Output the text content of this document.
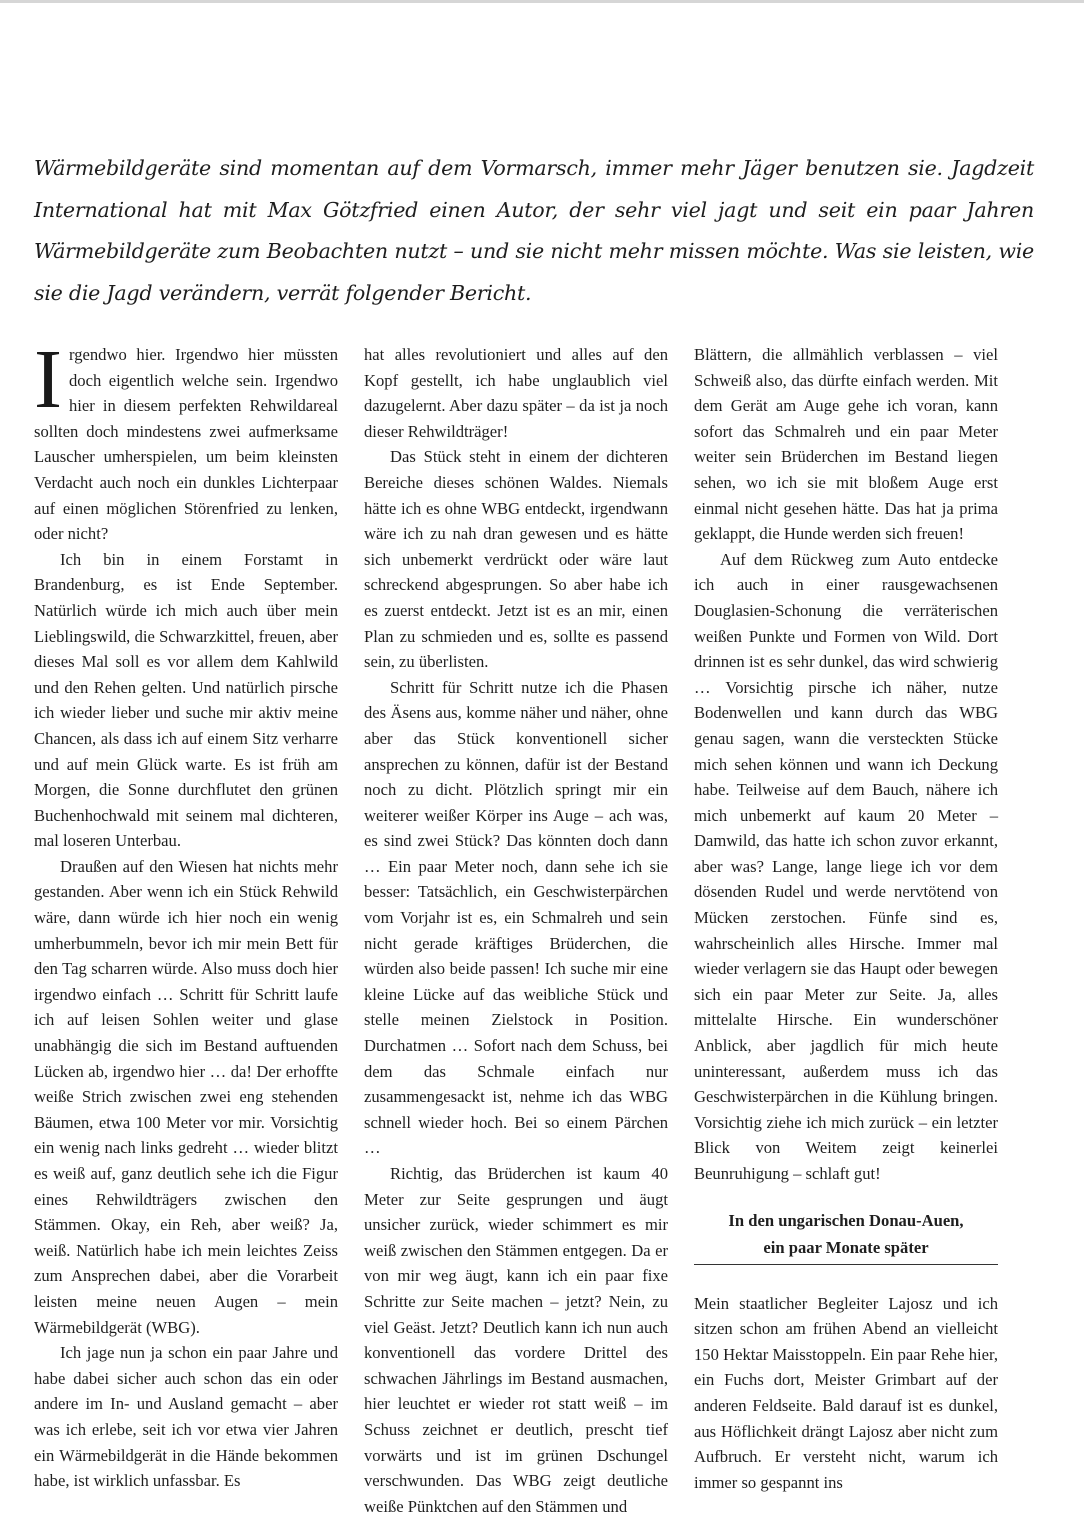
Wärmebildgeräte sind momentan auf dem Vormarsch, immer mehr Jäger benutzen sie. Jagdzeit International hat mit Max Götzfried einen Autor, der sehr viel jagt und seit ein paar Jahren Wärmebildgeräte zum Beobachten nutzt – und sie nicht mehr missen möchte. Was sie leisten, wie sie die Jagd verändern, verrät folgender Bericht.

Irgendwo hier. Irgendwo hier müssten doch eigentlich welche sein. Irgendwo hier in diesem perfekten Rehwildareal sollten doch mindestens zwei aufmerksame Lauscher umherspielen, um beim kleinsten Verdacht auch noch ein dunkles Lichterpaar auf einen möglichen Störenfried zu lenken, oder nicht?

Ich bin in einem Forstamt in Brandenburg, es ist Ende September. Natürlich würde ich mich auch über mein Lieblingswild, die Schwarzkittel, freuen, aber dieses Mal soll es vor allem dem Kahlwild und den Rehen gelten. Und natürlich pirsche ich wieder lieber und suche mir aktiv meine Chancen, als dass ich auf einem Sitz verharre und auf mein Glück warte. Es ist früh am Morgen, die Sonne durchflutet den grünen Buchenhochwald mit seinem mal dichteren, mal loseren Unterbau.

Draußen auf den Wiesen hat nichts mehr gestanden. Aber wenn ich ein Stück Rehwild wäre, dann würde ich hier noch ein wenig umherbummeln, bevor ich mir mein Bett für den Tag scharren würde. Also muss doch hier irgendwo einfach … Schritt für Schritt laufe ich auf leisen Sohlen weiter und glase unabhängig die sich im Bestand auftuenden Lücken ab, irgendwo hier … da! Der erhoffte weiße Strich zwischen zwei eng stehenden Bäumen, etwa 100 Meter vor mir. Vorsichtig ein wenig nach links gedreht … wieder blitzt es weiß auf, ganz deutlich sehe ich die Figur eines Rehwildträgers zwischen den Stämmen. Okay, ein Reh, aber weiß? Ja, weiß. Natürlich habe ich mein leichtes Zeiss zum Ansprechen dabei, aber die Vorarbeit leisten meine neuen Augen – mein Wärmebildgerät (WBG).

Ich jage nun ja schon ein paar Jahre und habe dabei sicher auch schon das ein oder andere im In- und Ausland gemacht – aber was ich erlebe, seit ich vor etwa vier Jahren ein Wärmebildgerät in die Hände bekommen habe, ist wirklich unfassbar. Es

hat alles revolutioniert und alles auf den Kopf gestellt, ich habe unglaublich viel dazugelernt. Aber dazu später – da ist ja noch dieser Rehwildträger!

Das Stück steht in einem der dichteren Bereiche dieses schönen Waldes. Niemals hätte ich es ohne WBG entdeckt, irgendwann wäre ich zu nah dran gewesen und es hätte sich unbemerkt verdrückt oder wäre laut schreckend abgesprungen. So aber habe ich es zuerst entdeckt. Jetzt ist es an mir, einen Plan zu schmieden und es, sollte es passend sein, zu überlisten.

Schritt für Schritt nutze ich die Phasen des Äsens aus, komme näher und näher, ohne aber das Stück konventionell sicher ansprechen zu können, dafür ist der Bestand noch zu dicht. Plötzlich springt mir ein weiterer weißer Körper ins Auge – ach was, es sind zwei Stück? Das könnten doch dann … Ein paar Meter noch, dann sehe ich sie besser: Tatsächlich, ein Geschwisterpärchen vom Vorjahr ist es, ein Schmalreh und sein nicht gerade kräftiges Brüderchen, die würden also beide passen! Ich suche mir eine kleine Lücke auf das weibliche Stück und stelle meinen Zielstock in Position. Durchatmen … Sofort nach dem Schuss, bei dem das Schmale einfach nur zusammengesackt ist, nehme ich das WBG schnell wieder hoch. Bei so einem Pärchen …

Richtig, das Brüderchen ist kaum 40 Meter zur Seite gesprungen und äugt unsicher zurück, wieder schimmert es mir weiß zwischen den Stämmen entgegen. Da er von mir weg äugt, kann ich ein paar fixe Schritte zur Seite machen – jetzt? Nein, zu viel Geäst. Jetzt? Deutlich kann ich nun auch konventionell das vordere Drittel des schwachen Jährlings im Bestand ausmachen, hier leuchtet er wieder rot statt weiß – im Schuss zeichnet er deutlich, prescht tief vorwärts und ist im grünen Dschungel verschwunden. Das WBG zeigt deutliche weiße Pünktchen auf den Stämmen und

Blättern, die allmählich verblassen – viel Schweiß also, das dürfte einfach werden. Mit dem Gerät am Auge gehe ich voran, kann sofort das Schmalreh und ein paar Meter weiter sein Brüderchen im Bestand liegen sehen, wo ich sie mit bloßem Auge erst einmal nicht gesehen hätte. Das hat ja prima geklappt, die Hunde werden sich freuen!

Auf dem Rückweg zum Auto entdecke ich auch in einer rausgewachsenen Douglasien-Schonung die verräterischen weißen Punkte und Formen von Wild. Dort drinnen ist es sehr dunkel, das wird schwierig … Vorsichtig pirsche ich näher, nutze Bodenwellen und kann durch das WBG genau sagen, wann die versteckten Stücke mich sehen können und wann ich Deckung habe. Teilweise auf dem Bauch, nähere ich mich unbemerkt auf kaum 20 Meter – Damwild, das hatte ich schon zuvor erkannt, aber was? Lange, lange liege ich vor dem dösenden Rudel und werde nervtötend von Mücken zerstochen. Fünfe sind es, wahrscheinlich alles Hirsche. Immer mal wieder verlagern sie das Haupt oder bewegen sich ein paar Meter zur Seite. Ja, alles mittelalte Hirsche. Ein wunderschöner Anblick, aber jagdlich für mich heute uninteressant, außerdem muss ich das Geschwisterpärchen in die Kühlung bringen. Vorsichtig ziehe ich mich zurück – ein letzter Blick von Weitem zeigt keinerlei Beunruhigung – schlaft gut!

In den ungarischen Donau-Auen,
ein paar Monate später

Mein staatlicher Begleiter Lajosz und ich sitzen schon am frühen Abend an vielleicht 150 Hektar Maisstoppeln. Ein paar Rehe hier, ein Fuchs dort, Meister Grimbart auf der anderen Feldseite. Bald darauf ist es dunkel, aus Höflichkeit drängt Lajosz aber nicht zum Aufbruch. Er versteht nicht, warum ich immer so gespannt ins
